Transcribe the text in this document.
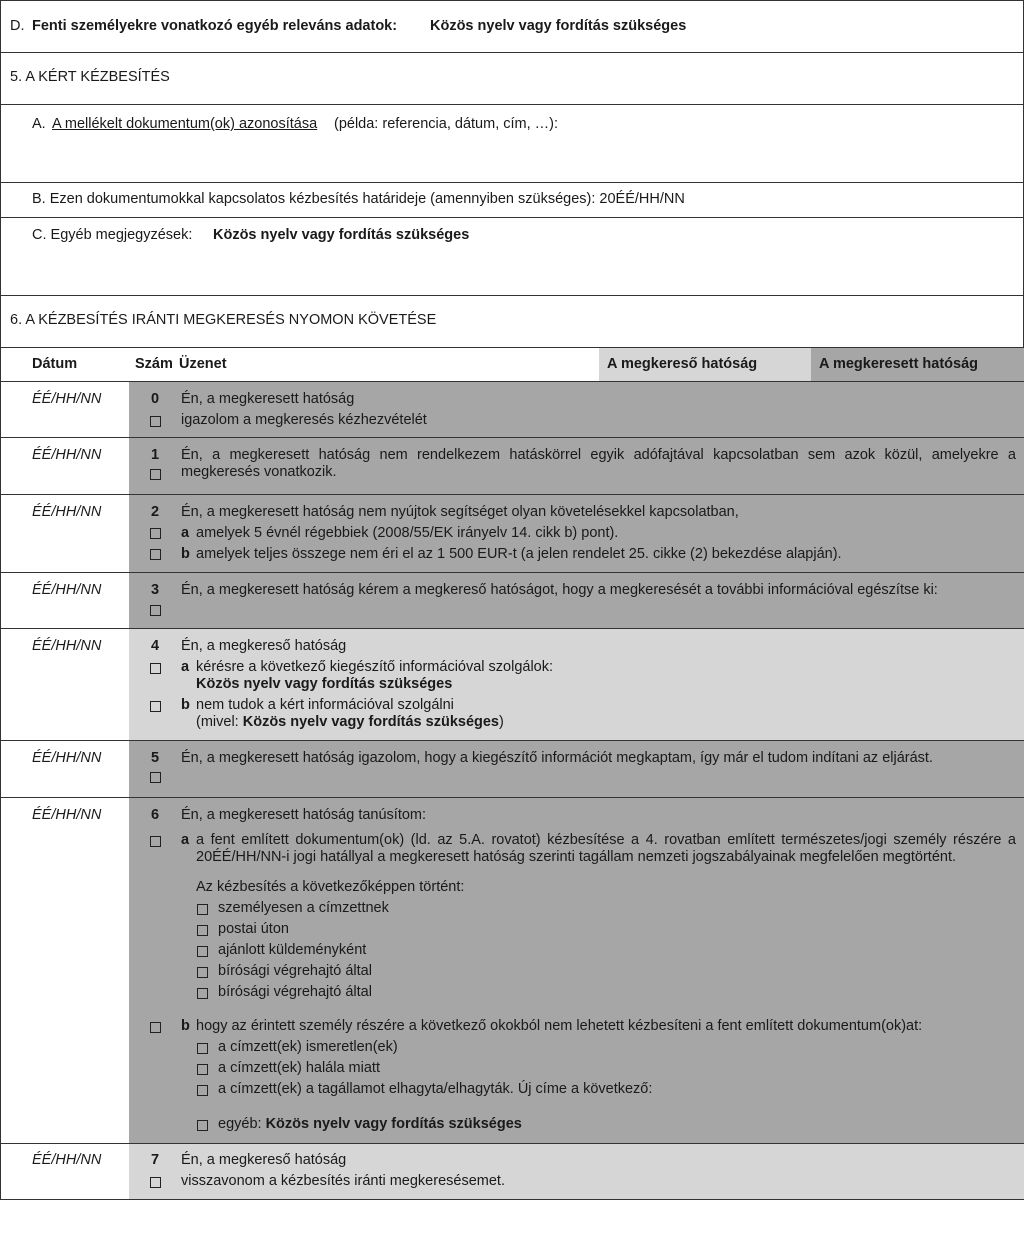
D. Fenti személyekre vonatkozó egyéb releváns adatok: Közös nyelv vagy fordítás szükséges
5. A KÉRT KÉZBESÍTÉS
A. A mellékelt dokumentum(ok) azonosítása (példa: referencia, dátum, cím, …):
B. Ezen dokumentumokkal kapcsolatos kézbesítés határideje (amennyiben szükséges): 20ÉÉ/HH/NN
C. Egyéb megjegyzések: Közös nyelv vagy fordítás szükséges
6. A KÉZBESÍTÉS IRÁNTI MEGKERESÉS NYOMON KÖVETÉSE
Dátum	Szám Üzenet	A megkereső hatóság	A megkeresett hatóság
ÉÉ/HH/NN	0 Én, a megkeresett hatóság
igazolom a megkeresés kézhezvételét
ÉÉ/HH/NN	1 Én, a megkeresett hatóság nem rendelkezem hatáskörrel egyik adófajtával kapcsolatban sem azok közül, amelyekre a megkeresés vonatkozik.
ÉÉ/HH/NN	2 Én, a megkeresett hatóság nem nyújtok segítséget olyan követelésekkel kapcsolatban,
a amelyek 5 évnél régebbiek (2008/55/EK irányelv 14. cikk b) pont).
b amelyek teljes összege nem éri el az 1 500 EUR-t (a jelen rendelet 25. cikke (2) bekezdése alapján).
ÉÉ/HH/NN	3 Én, a megkeresett hatóság kérem a megkereső hatóságot, hogy a megkeresését a további információval egészítse ki:
ÉÉ/HH/NN	4 Én, a megkereső hatóság
a kérésre a következő kiegészítő információval szolgálok:
Közös nyelv vagy fordítás szükséges
b nem tudok a kért információval szolgálni
(mivel: Közös nyelv vagy fordítás szükséges)
ÉÉ/HH/NN	5 Én, a megkeresett hatóság igazolom, hogy a kiegészítő információt megkaptam, így már el tudom indítani az eljárást.
ÉÉ/HH/NN	6 Én, a megkeresett hatóság tanúsítom:
a a fent említett dokumentum(ok) (ld. az 5.A. rovatot) kézbesítése a 4. rovatban említett természetes/jogi személy részére a 20ÉÉ/HH/NN-i jogi hatállyal a megkeresett hatóság szerinti tagállam nemzeti jogszabályainak megfelelően megtörtént.
Az kézbesítés a következőképpen történt:
személyesen a címzettnek
postai úton
ajánlott küldeményként
bírósági végrehajtó által
bírósági végrehajtó által
b hogy az érintett személy részére a következő okokból nem lehetett kézbesíteni a fent említett dokumentum(ok)at:
a címzett(ek) ismeretlen(ek)
a címzett(ek) halála miatt
a címzett(ek) a tagállamot elhagyta/elhagyták. Új címe a következő:
egyéb: Közös nyelv vagy fordítás szükséges
ÉÉ/HH/NN	7 Én, a megkereső hatóság
visszavonom a kézbesítés iránti megkeresésemet.
